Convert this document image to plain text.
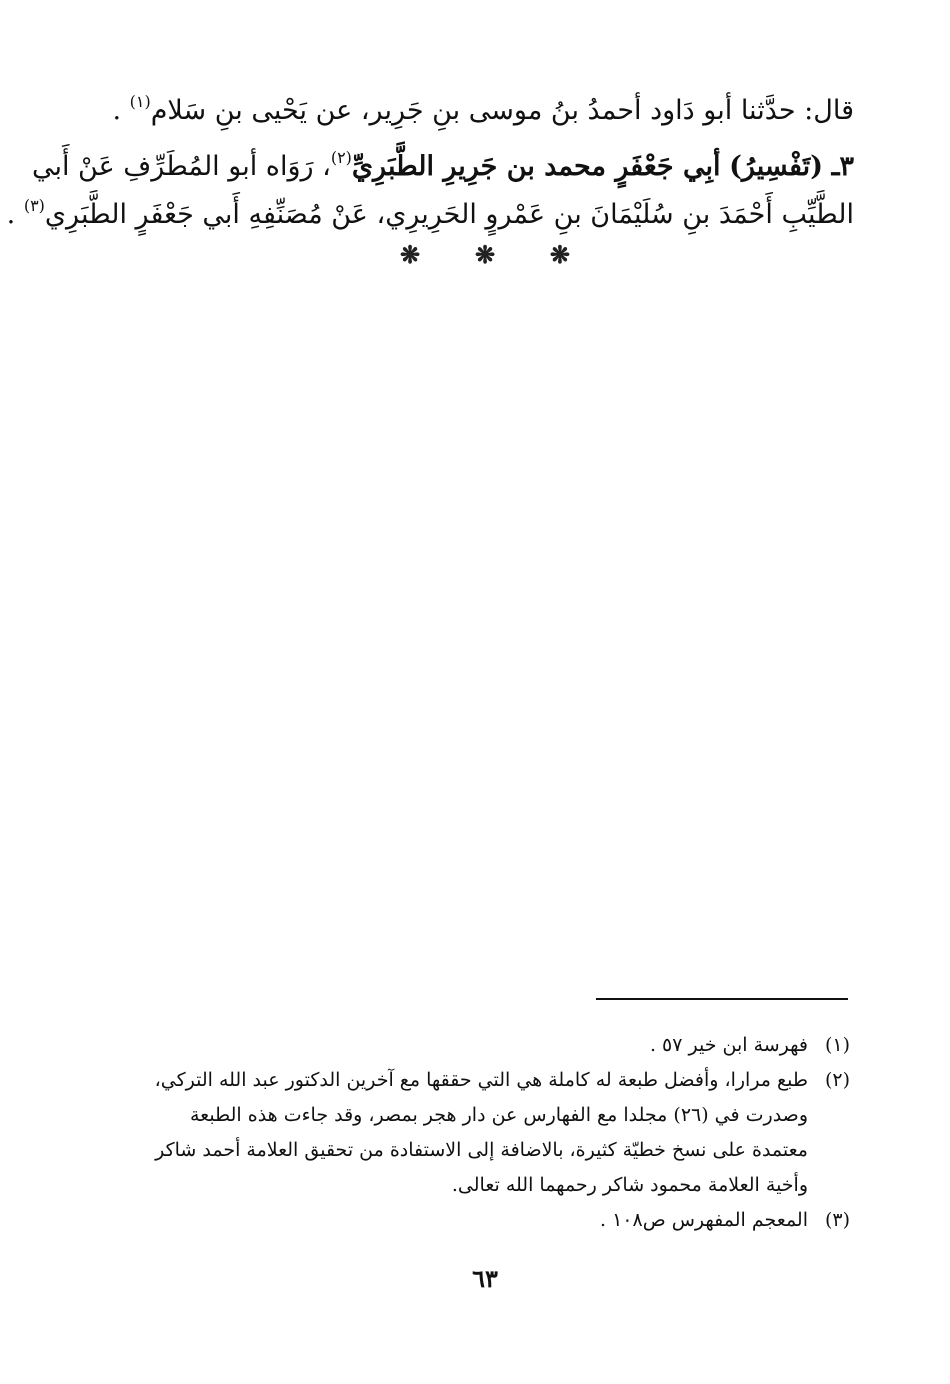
قال: حدَّثنا أبو دَاود أحمدُ بنُ موسى بنِ جَرِير، عن يَحْيى بنِ سَلام$^{(١)}$ .
٣ـ (تَفْسِيرُ) أبِي جَعْفَرٍ محمد بن جَرِيرِ الطَّبَرِيِّ$^{(٢)}$، رَوَاه أبو المُطَرِّفِ عَنْ أَبي
الطَّيِّبِ أَحْمَدَ بنِ سُلَيْمَانَ بنِ عَمْروٍ الحَرِيرِي، عَنْ مُصَنِّفِهِ أَبي جَعْفَرٍ الطَّبَرِي$^{(٣)}$ .
❋ ❋ ❋
(١)
فهرسة ابن خير ٥٧ .
(٢)
طبع مرارا، وأفضل طبعة له كاملة هي التي حققها مع آخرين الدكتور عبد الله التركي،
وصدرت في (٢٦) مجلدا مع الفهارس عن دار هجر بمصر، وقد جاءت هذه الطبعة
معتمدة على نسخ خطيّة كثيرة، بالاضافة إلى الاستفادة من تحقيق العلامة أحمد شاكر
وأخية العلامة محمود شاكر رحمهما الله تعالى.
(٣)
المعجم المفهرس ص١٠٨ .
٦٣
